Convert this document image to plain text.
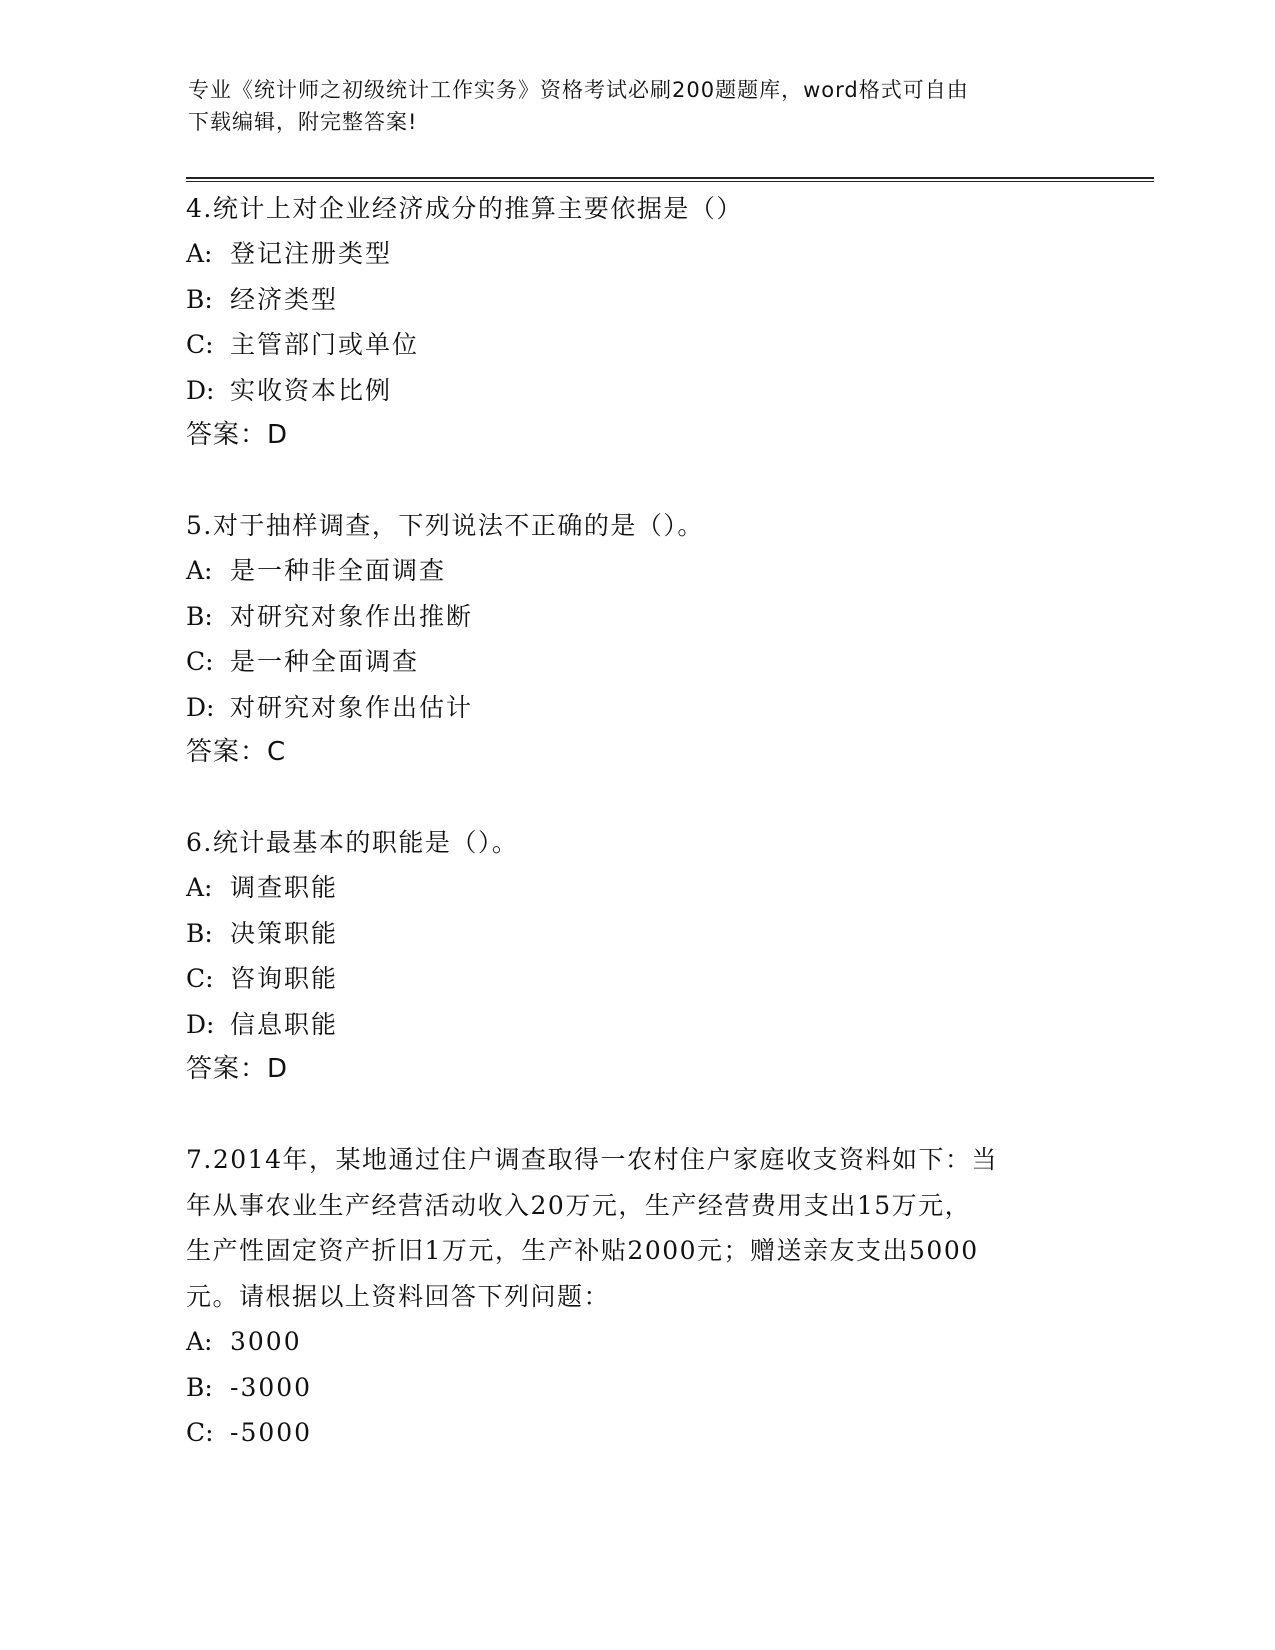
专业《统计师之初级统计工作实务》资格考试必刷200题题库，word格式可自由
下载编辑，附完整答案!

4.统计上对企业经济成分的推算主要依据是（）

A: 登记注册类型

B: 经济类型

C: 主管部门或单位

D: 实收资本比例

答案：D

5.对于抽样调查，下列说法不正确的是（）。

A: 是一种非全面调查

B: 对研究对象作出推断

C: 是一种全面调查

D: 对研究对象作出估计

答案：C

6.统计最基本的职能是（）。

A: 调查职能

B: 决策职能

C: 咨询职能

D: 信息职能

答案：D

7.2014年，某地通过住户调查取得一农村住户家庭收支资料如下：当

年从事农业生产经营活动收入20万元，生产经营费用支出15万元，

生产性固定资产折旧1万元，生产补贴2000元；赠送亲友支出5000

元。请根据以上资料回答下列问题：

A: 3000

B: -3000

C: -5000
